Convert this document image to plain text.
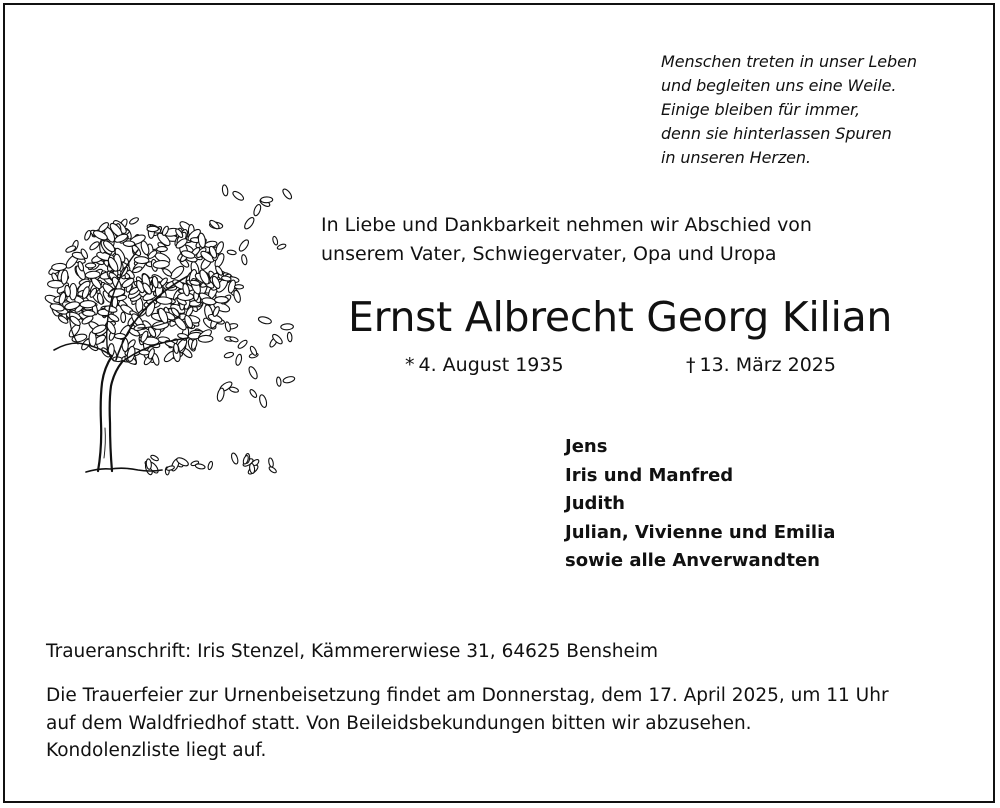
Menschen treten in unser Leben
und begleiten uns eine Weile.
Einige bleiben für immer,
denn sie hinterlassen Spuren
in unseren Herzen.
In Liebe und Dankbarkeit nehmen wir Abschied von
unserem Vater, Schwiegervater, Opa und Uropa
Ernst Albrecht Georg Kilian
* 4. August 1935	† 13. März 2025
Jens
Iris und Manfred
Judith
Julian, Vivienne und Emilia
sowie alle Anverwandten
Traueranschrift: Iris Stenzel, Kämmererwiese 31, 64625 Bensheim
Die Trauerfeier zur Urnenbeisetzung findet am Donnerstag, dem 17. April 2025, um 11 Uhr
auf dem Waldfriedhof statt. Von Beileidsbekundungen bitten wir abzusehen.
Kondolenzliste liegt auf.
